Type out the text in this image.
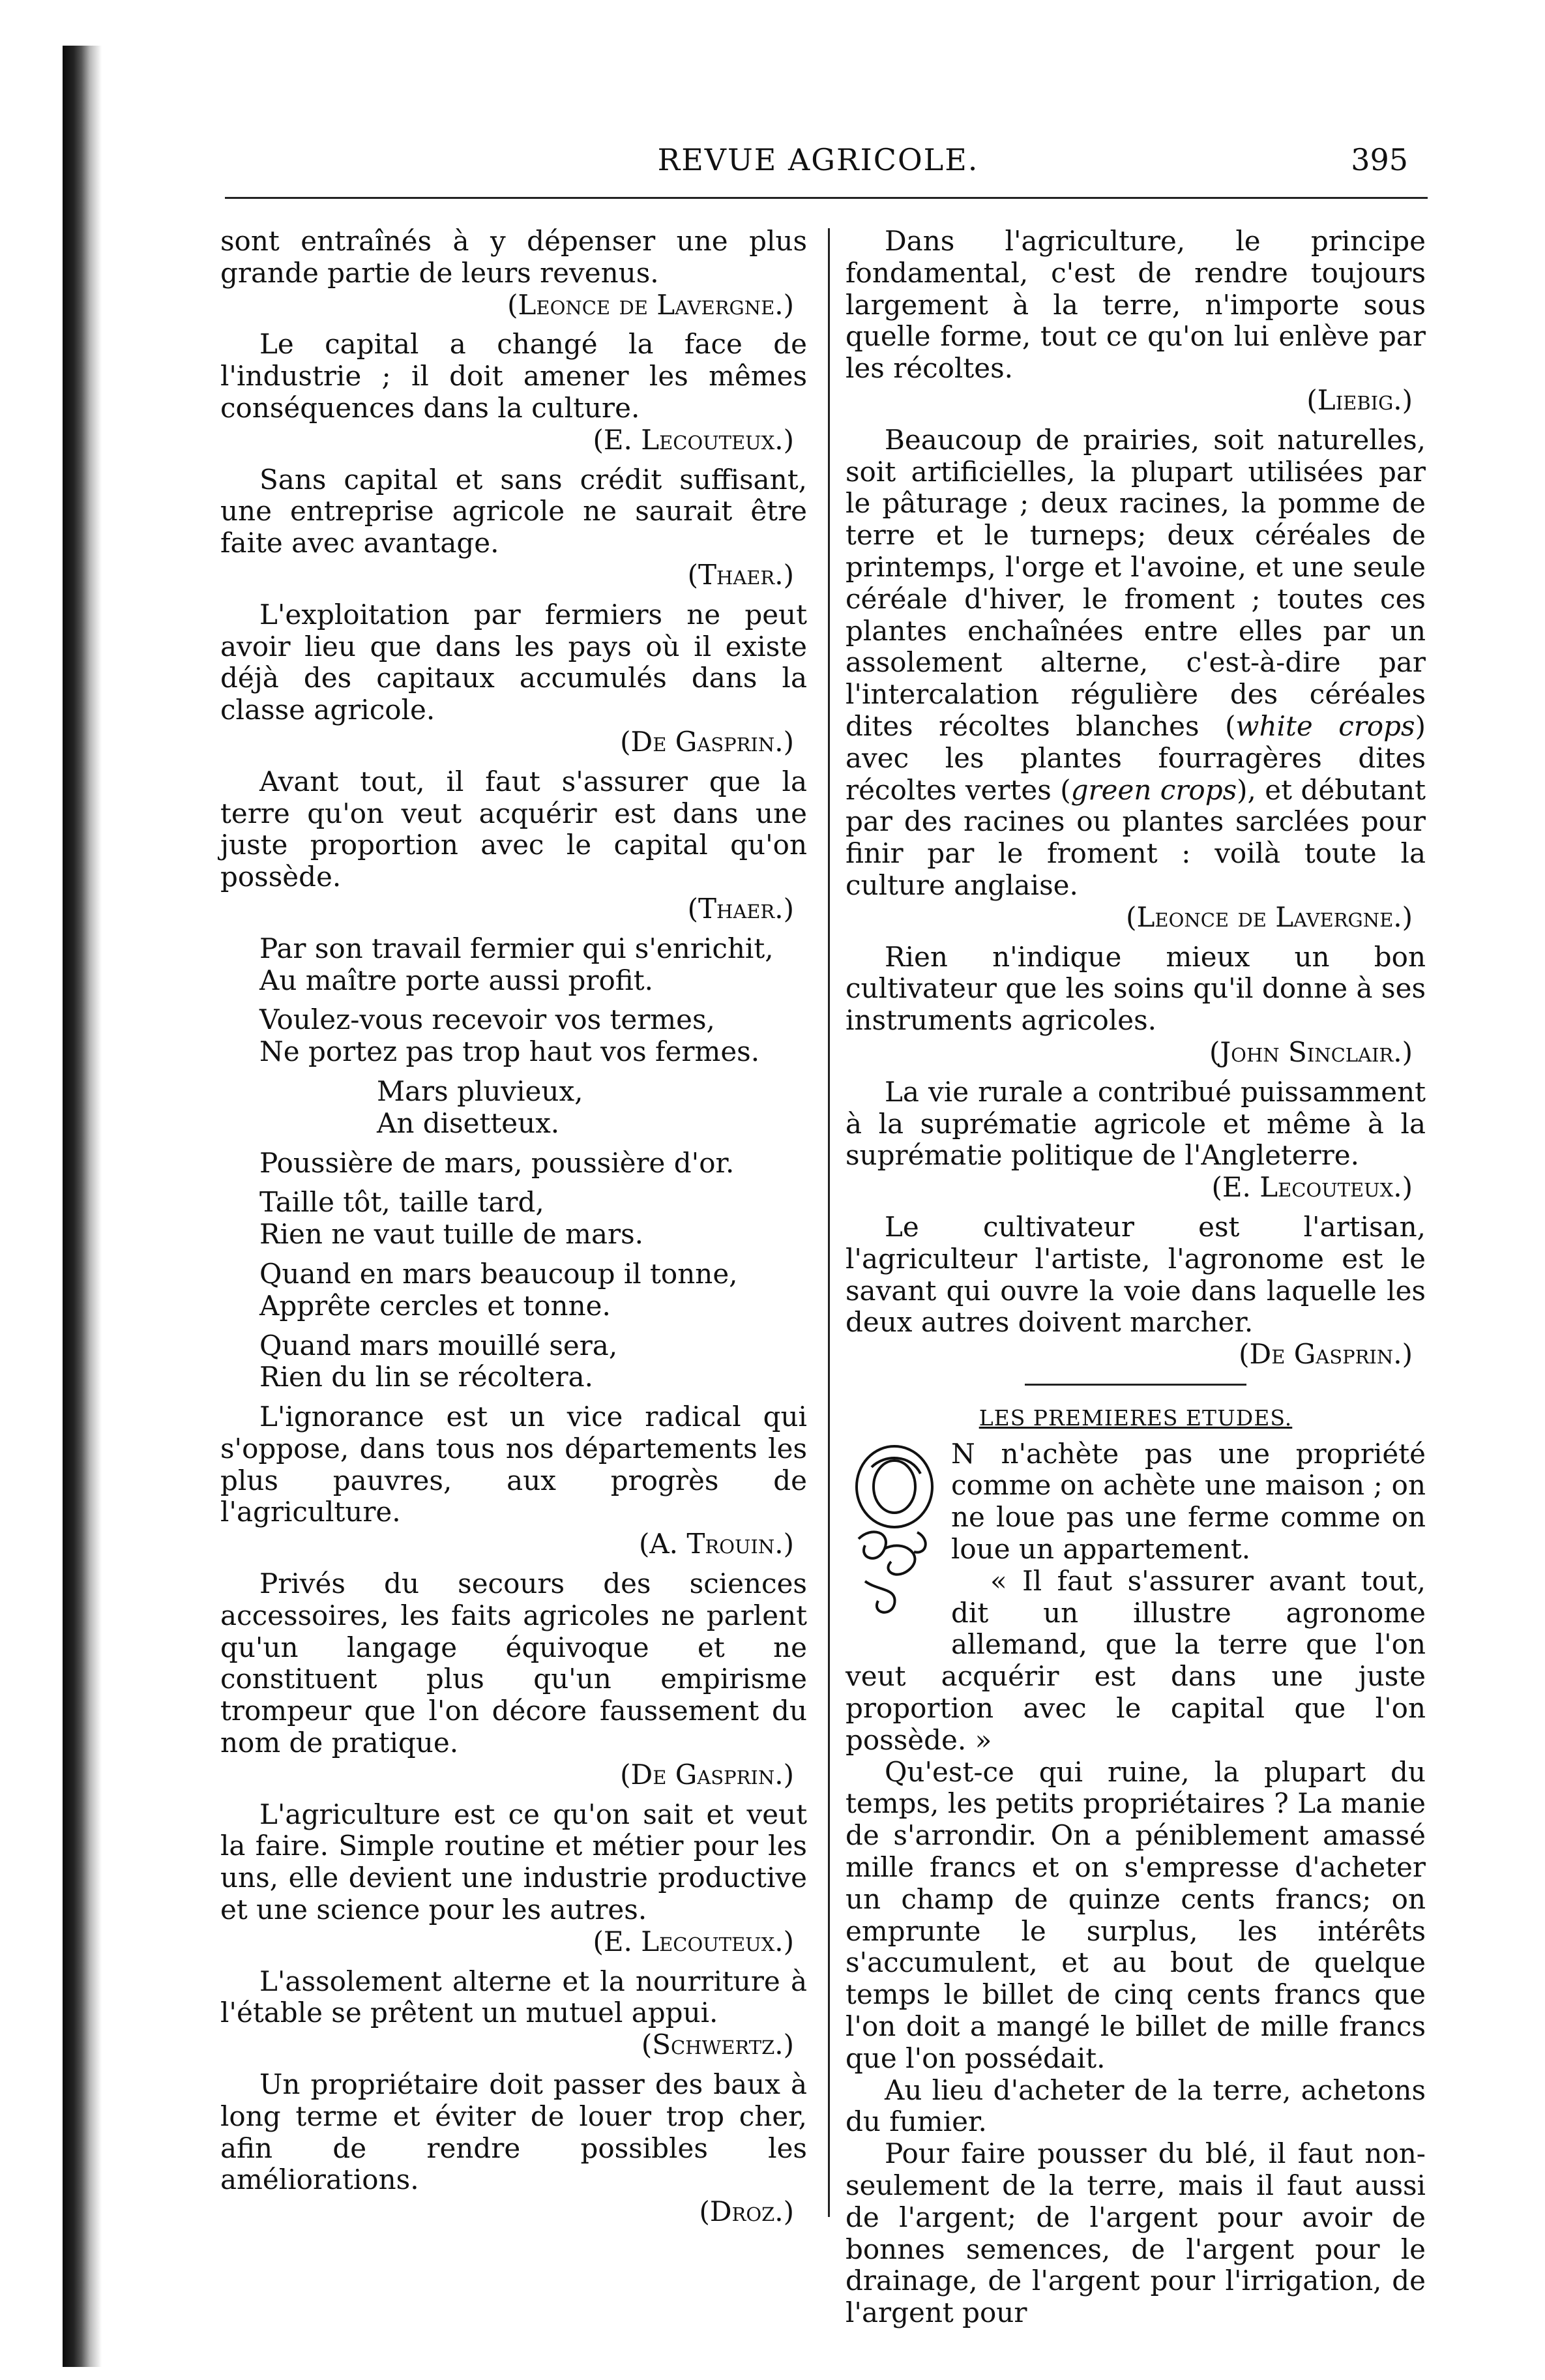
REVUE AGRICOLE.	395

sont entraînés à y dépenser une plus grande partie de leurs revenus.

(Leonce de Lavergne.)

Le capital a changé la face de l'industrie ; il doit amener les mêmes conséquences dans la culture.

(E. Lecouteux.)

Sans capital et sans crédit suffisant, une entreprise agricole ne saurait être faite avec avantage.

(Thaer.)

L'exploitation par fermiers ne peut avoir lieu que dans les pays où il existe déjà des capitaux accumulés dans la classe agricole.

(De Gasprin.)

Avant tout, il faut s'assurer que la terre qu'on veut acquérir est dans une juste proportion avec le capital qu'on possède.

(Thaer.)

Par son travail fermier qui s'enrichit,
Au maître porte aussi profit.
Voulez-vous recevoir vos termes,
Ne portez pas trop haut vos fermes.
Mars pluvieux,
An disetteux.
Poussière de mars, poussière d'or.
Taille tôt, taille tard,
Rien ne vaut tuille de mars.
Quand en mars beaucoup il tonne,
Apprête cercles et tonne.
Quand mars mouillé sera,
Rien du lin se récoltera.

L'ignorance est un vice radical qui s'oppose, dans tous nos départements les plus pauvres, aux progrès de l'agriculture.

(A. Trouin.)

Privés du secours des sciences accessoires, les faits agricoles ne parlent qu'un langage équivoque et ne constituent plus qu'un empirisme trompeur que l'on décore faussement du nom de pratique.

(De Gasprin.)

L'agriculture est ce qu'on sait et veut la faire. Simple routine et métier pour les uns, elle devient une industrie productive et une science pour les autres.

(E. Lecouteux.)

L'assolement alterne et la nourriture à l'étable se prêtent un mutuel appui.

(Schwertz.)

Un propriétaire doit passer des baux à long terme et éviter de louer trop cher, afin de rendre possibles les améliorations.

(Droz.)

Dans l'agriculture, le principe fondamental, c'est de rendre toujours largement à la terre, n'importe sous quelle forme, tout ce qu'on lui enlève par les récoltes.

(Liebig.)

Beaucoup de prairies, soit naturelles, soit artificielles, la plupart utilisées par le pâturage ; deux racines, la pomme de terre et le turneps; deux céréales de printemps, l'orge et l'avoine, et une seule céréale d'hiver, le froment ; toutes ces plantes enchaînées entre elles par un assolement alterne, c'est-à-dire par l'intercalation régulière des céréales dites récoltes blanches (white crops) avec les plantes fourragères dites récoltes vertes (green crops), et débutant par des racines ou plantes sarclées pour finir par le froment : voilà toute la culture anglaise.

(Leonce de Lavergne.)

Rien n'indique mieux un bon cultivateur que les soins qu'il donne à ses instruments agricoles.

(John Sinclair.)

La vie rurale a contribué puissamment à la suprématie agricole et même à la suprématie politique de l'Angleterre.

(E. Lecouteux.)

Le cultivateur est l'artisan, l'agriculteur l'artiste, l'agronome est le savant qui ouvre la voie dans laquelle les deux autres doivent marcher.

(De Gasprin.)

LES PREMIERES ETUDES.

N n'achète pas une propriété comme on achète une maison ; on ne loue pas une ferme comme on loue un appartement.

« Il faut s'assurer avant tout, dit un illustre agronome allemand, que la terre que l'on veut acquérir est dans une juste proportion avec le capital que l'on possède. »

Qu'est-ce qui ruine, la plupart du temps, les petits propriétaires ? La manie de s'arrondir. On a péniblement amassé mille francs et on s'empresse d'acheter un champ de quinze cents francs; on emprunte le surplus, les intérêts s'accumulent, et au bout de quelque temps le billet de cinq cents francs que l'on doit a mangé le billet de mille francs que l'on possédait.

Au lieu d'acheter de la terre, achetons du fumier.

Pour faire pousser du blé, il faut non-seulement de la terre, mais il faut aussi de l'argent; de l'argent pour avoir de bonnes semences, de l'argent pour le drainage, de l'argent pour l'irrigation, de l'argent pour
